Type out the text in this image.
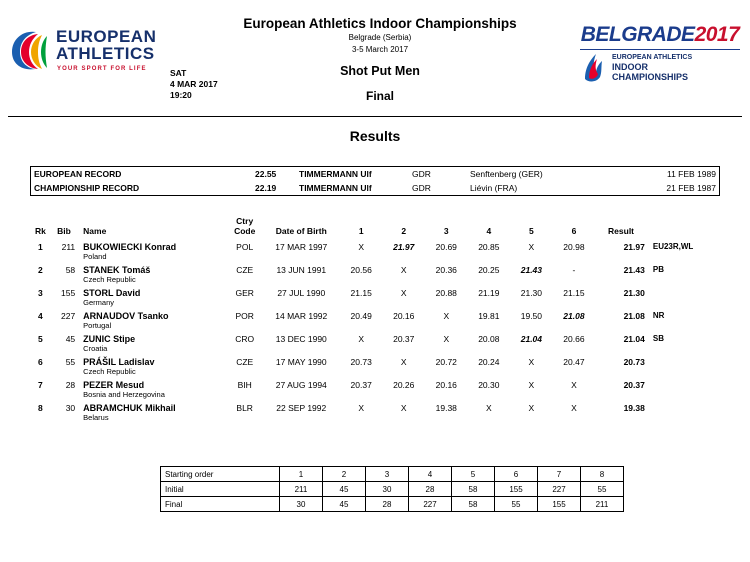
EUROPEAN
ATHLETICS
YOUR SPORT FOR LIFE
European Athletics Indoor Championships
Belgrade (Serbia)
3-5 March 2017
Shot Put Men
Final
SAT
4 MAR 2017
19:20
BELGRADE2017
EUROPEAN ATHLETICS
INDOOR
CHAMPIONSHIPS
Results
EUROPEAN RECORD	22.55	TIMMERMANN Ulf	GDR	Senftenberg (GER)	11 FEB 1989
CHAMPIONSHIP RECORD	22.19	TIMMERMANN Ulf	GDR	Liévin (FRA)	21 FEB 1987
Rk	Bib	Name	Ctry
Code	Date of Birth	1	2	3	4	5	6	Result	
1	211	BUKOWIECKI Konrad
Poland	POL	17 MAR 1997	X	21.97	20.69	20.85	X	20.98	21.97	EU23R,WL
2	58	STANEK Tomáš
Czech Republic	CZE	13 JUN 1991	20.56	X	20.36	20.25	21.43	-	21.43	PB
3	155	STORL David
Germany	GER	27 JUL 1990	21.15	X	20.88	21.19	21.30	21.15	21.30	
4	227	ARNAUDOV Tsanko
Portugal	POR	14 MAR 1992	20.49	20.16	X	19.81	19.50	21.08	21.08	NR
5	45	ZUNIC Stipe
Croatia	CRO	13 DEC 1990	X	20.37	X	20.08	21.04	20.66	21.04	SB
6	55	PRÁŠIL Ladislav
Czech Republic	CZE	17 MAY 1990	20.73	X	20.72	20.24	X	20.47	20.73	
7	28	PEZER Mesud
Bosnia and Herzegovina	BIH	27 AUG 1994	20.37	20.26	20.16	20.30	X	X	20.37	
8	30	ABRAMCHUK Mikhail
Belarus	BLR	22 SEP 1992	X	X	19.38	X	X	X	19.38	
Starting order	1	2	3	4	5	6	7	8
Initial	211	45	30	28	58	155	227	55
Final	30	45	28	227	58	55	155	211
